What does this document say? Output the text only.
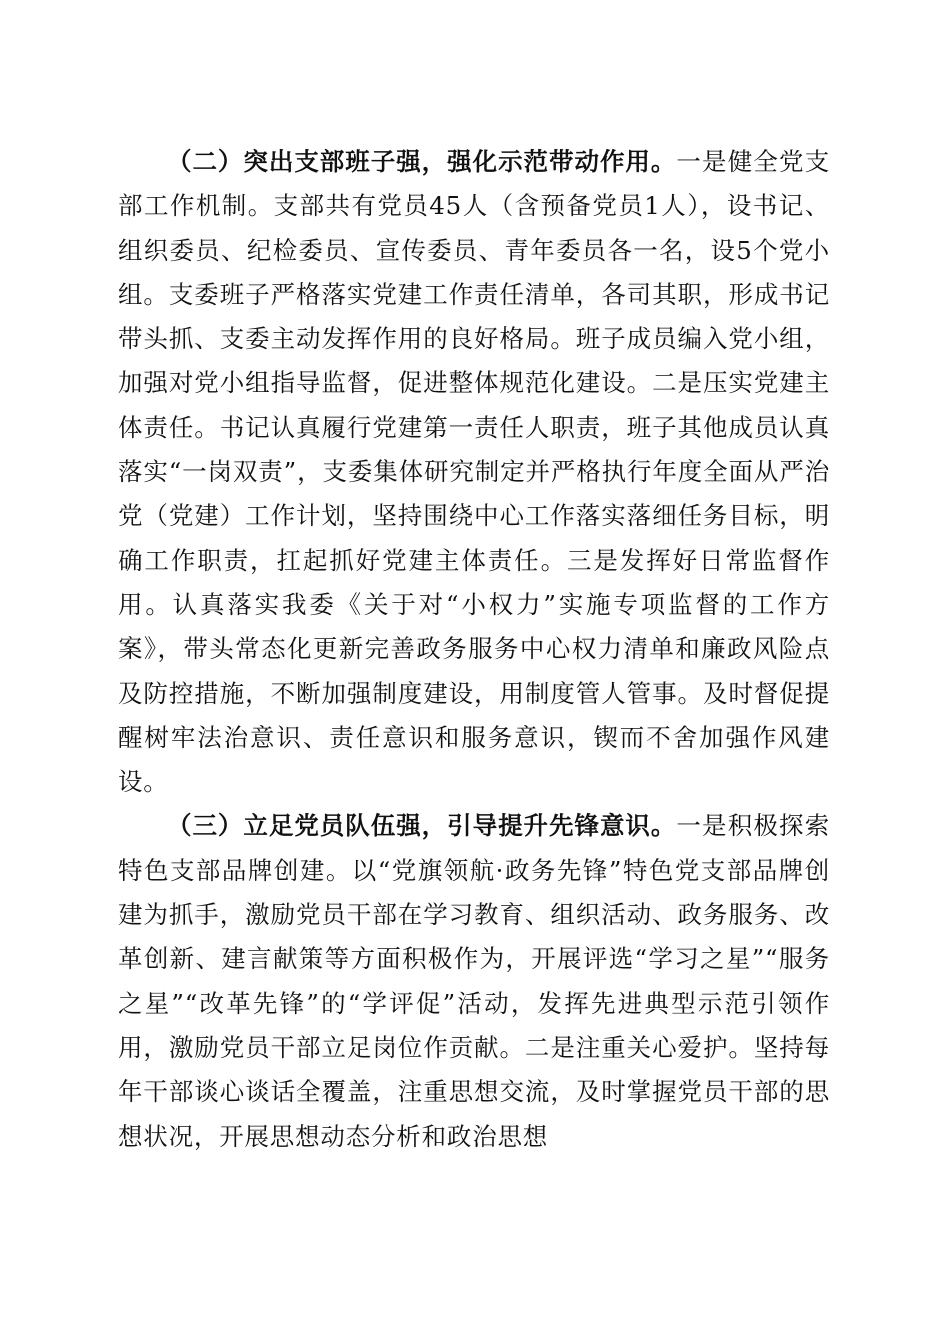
（二）突出支部班子强，强化示范带动作用。一是健全党支部工作机制。支部共有党员45人（含预备党员1人），设书记、组织委员、纪检委员、宣传委员、青年委员各一名，设5个党小组。支委班子严格落实党建工作责任清单，各司其职，形成书记带头抓、支委主动发挥作用的良好格局。班子成员编入党小组，加强对党小组指导监督，促进整体规范化建设。二是压实党建主体责任。书记认真履行党建第一责任人职责，班子其他成员认真落实“一岗双责”，支委集体研究制定并严格执行年度全面从严治党（党建）工作计划，坚持围绕中心工作落实落细任务目标，明确工作职责，扛起抓好党建主体责任。三是发挥好日常监督作用。认真落实我委《关于对“小权力”实施专项监督的工作方案》，带头常态化更新完善政务服务中心权力清单和廉政风险点及防控措施，不断加强制度建设，用制度管人管事。及时督促提醒树牢法治意识、责任意识和服务意识，锲而不舍加强作风建设。

（三）立足党员队伍强，引导提升先锋意识。一是积极探索特色支部品牌创建。以“党旗领航·政务先锋”特色党支部品牌创建为抓手，激励党员干部在学习教育、组织活动、政务服务、改革创新、建言献策等方面积极作为，开展评选“学习之星”“服务之星”“改革先锋”的“学评促”活动，发挥先进典型示范引领作用，激励党员干部立足岗位作贡献。二是注重关心爱护。坚持每年干部谈心谈话全覆盖，注重思想交流，及时掌握党员干部的思想状况，开展思想动态分析和政治思想
